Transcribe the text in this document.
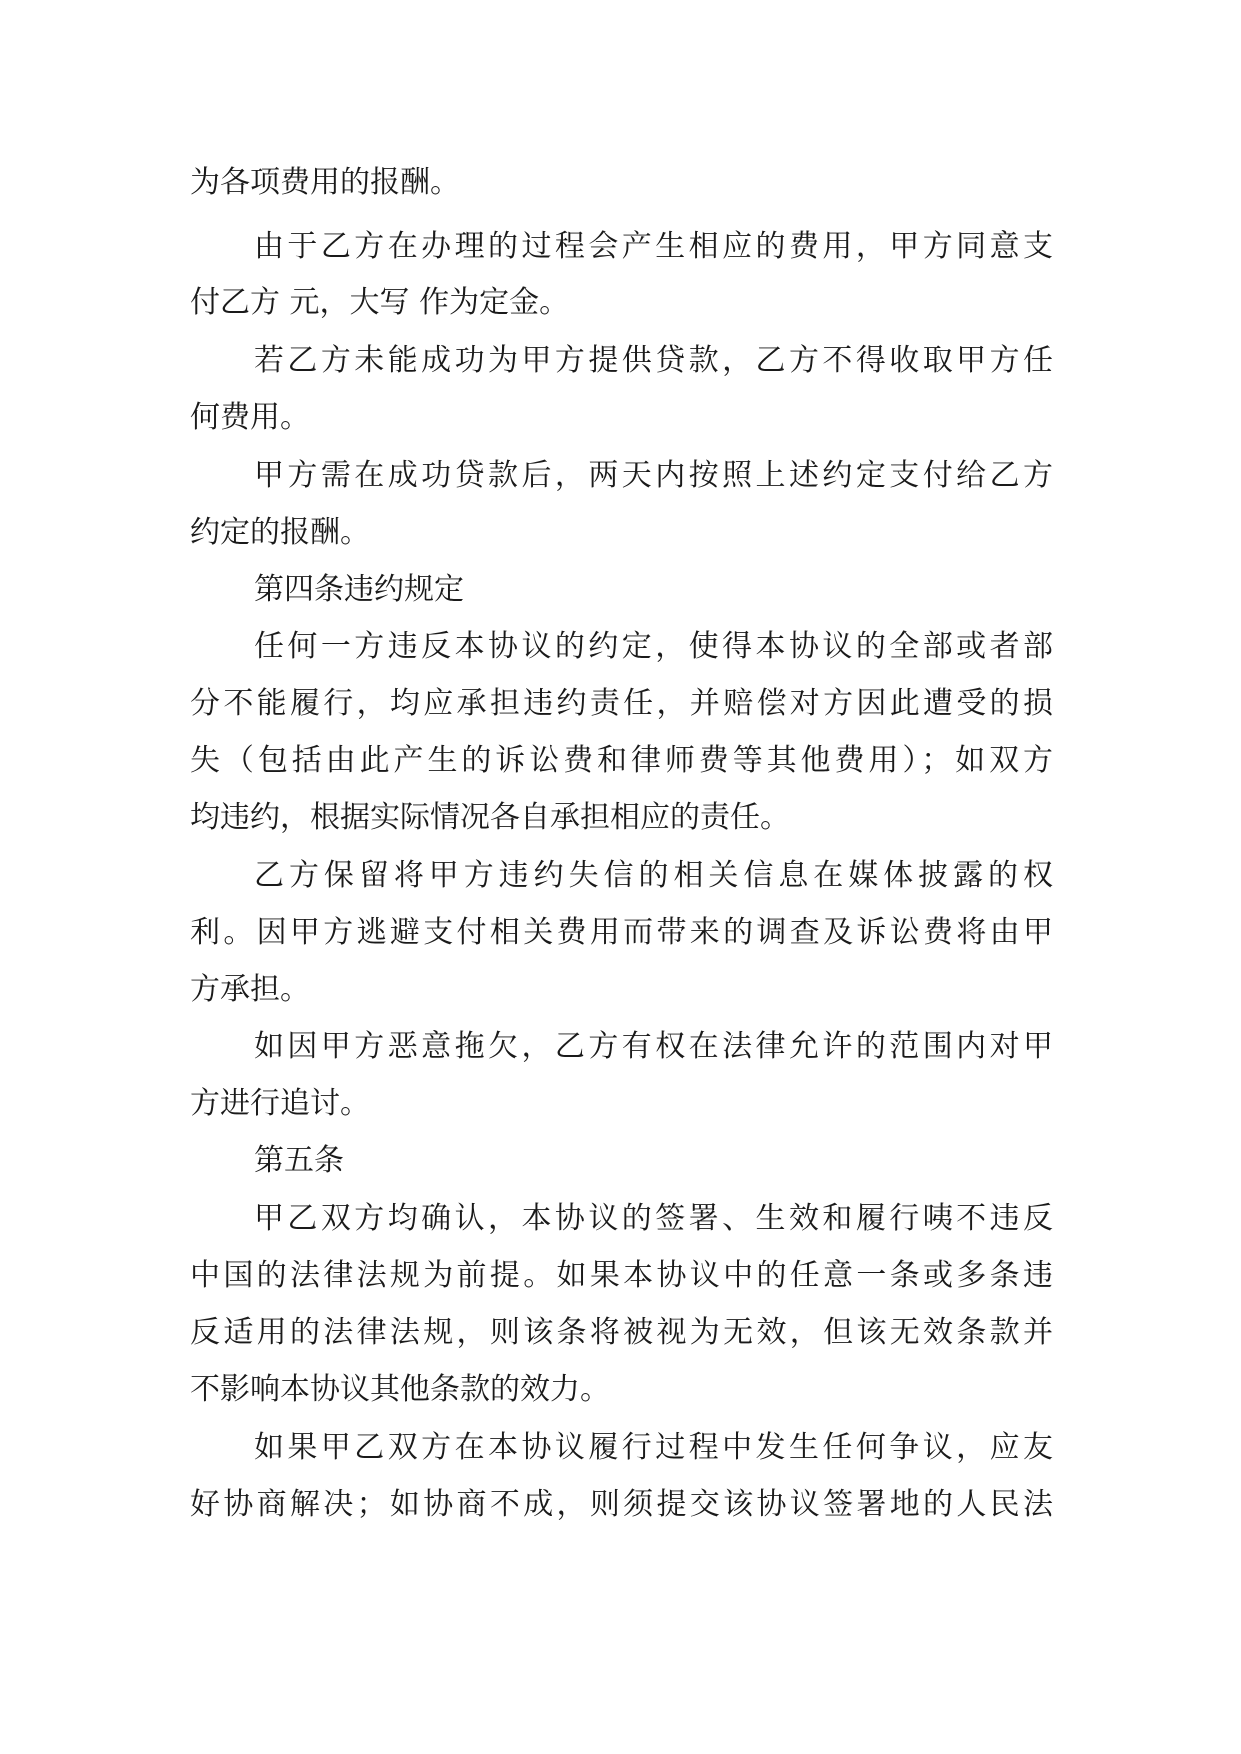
为各项费用的报酬。

由于乙方在办理的过程会产生相应的费用，甲方同意支

付乙方 元，大写 作为定金。

若乙方未能成功为甲方提供贷款，乙方不得收取甲方任

何费用。

甲方需在成功贷款后，两天内按照上述约定支付给乙方

约定的报酬。

第四条违约规定

任何一方违反本协议的约定，使得本协议的全部或者部

分不能履行，均应承担违约责任，并赔偿对方因此遭受的损

失（包括由此产生的诉讼费和律师费等其他费用）；如双方

均违约，根据实际情况各自承担相应的责任。

乙方保留将甲方违约失信的相关信息在媒体披露的权

利。因甲方逃避支付相关费用而带来的调查及诉讼费将由甲

方承担。

如因甲方恶意拖欠，乙方有权在法律允许的范围内对甲

方进行追讨。

第五条

甲乙双方均确认，本协议的签署、生效和履行咦不违反

中国的法律法规为前提。如果本协议中的任意一条或多条违

反适用的法律法规，则该条将被视为无效，但该无效条款并

不影响本协议其他条款的效力。

如果甲乙双方在本协议履行过程中发生任何争议，应友

好协商解决；如协商不成，则须提交该协议签署地的人民法
